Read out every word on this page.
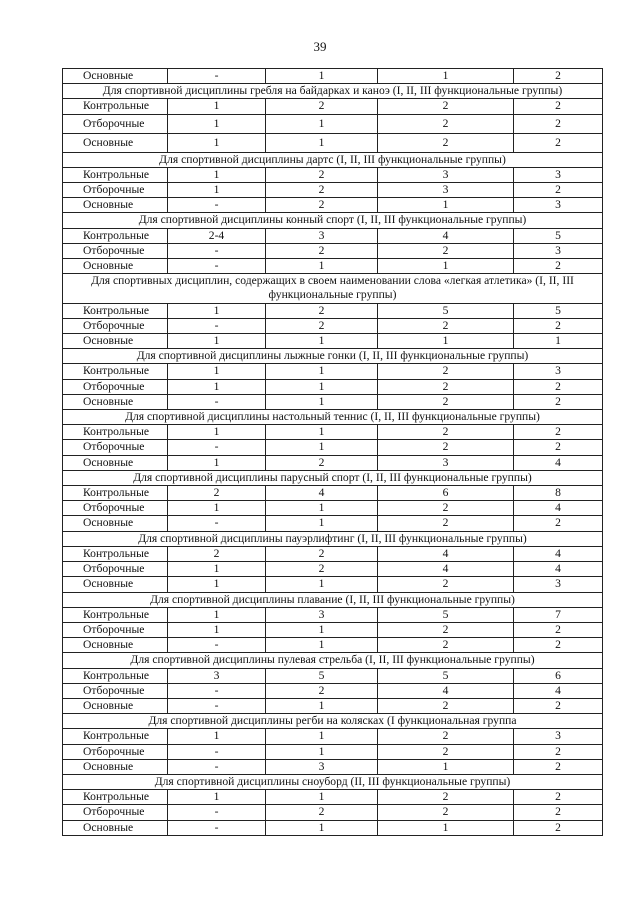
39
Основные	-	1	1	2
Для спортивной дисциплины гребля на байдарках и каноэ (I, II, III функциональные группы)				
Контрольные	1	2	2	2
Отборочные	1	1	2	2
Основные	1	1	2	2
Для спортивной дисциплины дартс (I, II, III функциональные группы)				
Контрольные	1	2	3	3
Отборочные	1	2	3	2
Основные	-	2	1	3
Для спортивной дисциплины конный спорт (I, II, III функциональные группы)				
Контрольные	2-4	3	4	5
Отборочные	-	2	2	3
Основные	-	1	1	2
Для спортивных дисциплин, содержащих в своем наименовании слова «легкая атлетика» (I, II, III функциональные группы)				
Контрольные	1	2	5	5
Отборочные	-	2	2	2
Основные	1	1	1	1
Для спортивной дисциплины лыжные гонки (I, II, III функциональные группы)				
Контрольные	1	1	2	3
Отборочные	1	1	2	2
Основные	-	1	2	2
Для спортивной дисциплины настольный теннис (I, II, III функциональные группы)				
Контрольные	1	1	2	2
Отборочные	-	1	2	2
Основные	1	2	3	4
Для спортивной дисциплины парусный спорт (I, II, III функциональные группы)				
Контрольные	2	4	6	8
Отборочные	1	1	2	4
Основные	-	1	2	2
Для спортивной дисциплины пауэрлифтинг (I, II, III функциональные группы)				
Контрольные	2	2	4	4
Отборочные	1	2	4	4
Основные	1	1	2	3
Для спортивной дисциплины плавание (I, II, III функциональные группы)				
Контрольные	1	3	5	7
Отборочные	1	1	2	2
Основные	-	1	2	2
Для спортивной дисциплины пулевая стрельба (I, II, III функциональные группы)				
Контрольные	3	5	5	6
Отборочные	-	2	4	4
Основные	-	1	2	2
Для спортивной дисциплины регби на колясках (I функциональная группа				
Контрольные	1	1	2	3
Отборочные	-	1	2	2
Основные	-	3	1	2
Для спортивной дисциплины сноуборд (II, III функциональные группы)				
Контрольные	1	1	2	2
Отборочные	-	2	2	2
Основные	-	1	1	2
